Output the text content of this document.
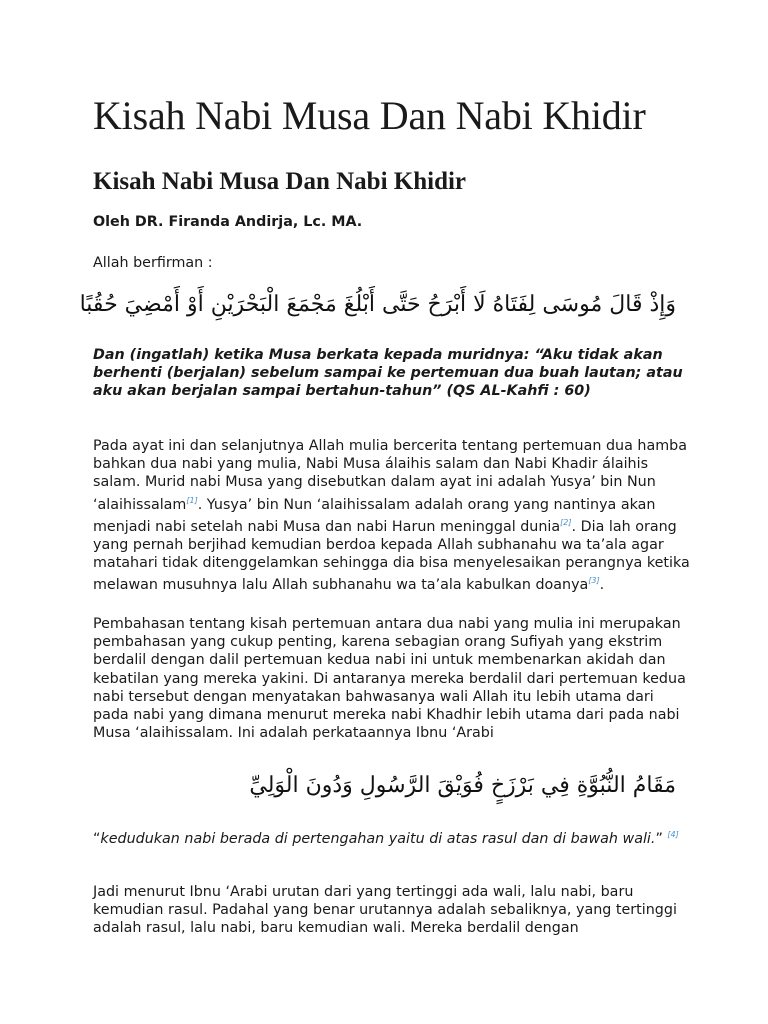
Kisah Nabi Musa Dan Nabi Khidir
Kisah Nabi Musa Dan Nabi Khidir

Oleh DR. Firanda Andirja, Lc. MA.

Allah berfirman :

وَإِذْ قَالَ مُوسَى لِفَتَاهُ لَا أَبْرَحُ حَتَّى أَبْلُغَ مَجْمَعَ الْبَحْرَيْنِ أَوْ أَمْضِيَ حُقُبًا

Dan (ingatlah) ketika Musa berkata kepada muridnya: “Aku tidak akan berhenti (berjalan) sebelum sampai ke pertemuan dua buah lautan; atau aku akan berjalan sampai bertahun-tahun” (QS AL-Kahfi : 60)

Pada ayat ini dan selanjutnya Allah mulia bercerita tentang pertemuan dua hamba bahkan dua nabi yang mulia, Nabi Musa álaihis salam dan Nabi Khadir álaihis salam. Murid nabi Musa yang disebutkan dalam ayat ini adalah Yusya’ bin Nun ‘alaihissalam[1]. Yusya’ bin Nun ‘alaihissalam adalah orang yang nantinya akan menjadi nabi setelah nabi Musa dan nabi Harun meninggal dunia[2]. Dia lah orang yang pernah berjihad kemudian berdoa kepada Allah subhanahu wa ta’ala agar matahari tidak ditenggelamkan sehingga dia bisa menyelesaikan perangnya ketika melawan musuhnya lalu Allah subhanahu wa ta’ala kabulkan doanya[3].

Pembahasan tentang kisah pertemuan antara dua nabi yang mulia ini merupakan pembahasan yang cukup penting, karena sebagian orang Sufiyah yang ekstrim berdalil dengan dalil pertemuan kedua nabi ini untuk membenarkan akidah dan kebatilan yang mereka yakini. Di antaranya mereka berdalil dari pertemuan kedua nabi tersebut dengan menyatakan bahwasanya wali Allah itu lebih utama dari pada nabi yang dimana menurut mereka nabi Khadhir lebih utama dari pada nabi Musa ‘alaihissalam. Ini adalah perkataannya Ibnu ‘Arabi

مَقَامُ النُّبُوَّةِ فِي بَرْزَخٍ فُوَيْقَ الرَّسُولِ وَدُونَ الْوَلِيِّ

“kedudukan nabi berada di pertengahan yaitu di atas rasul dan di bawah wali.” [4]

Jadi menurut Ibnu ‘Arabi urutan dari yang tertinggi ada wali, lalu nabi, baru kemudian rasul. Padahal yang benar urutannya adalah sebaliknya, yang tertinggi adalah rasul, lalu nabi, baru kemudian wali. Mereka berdalil dengan
